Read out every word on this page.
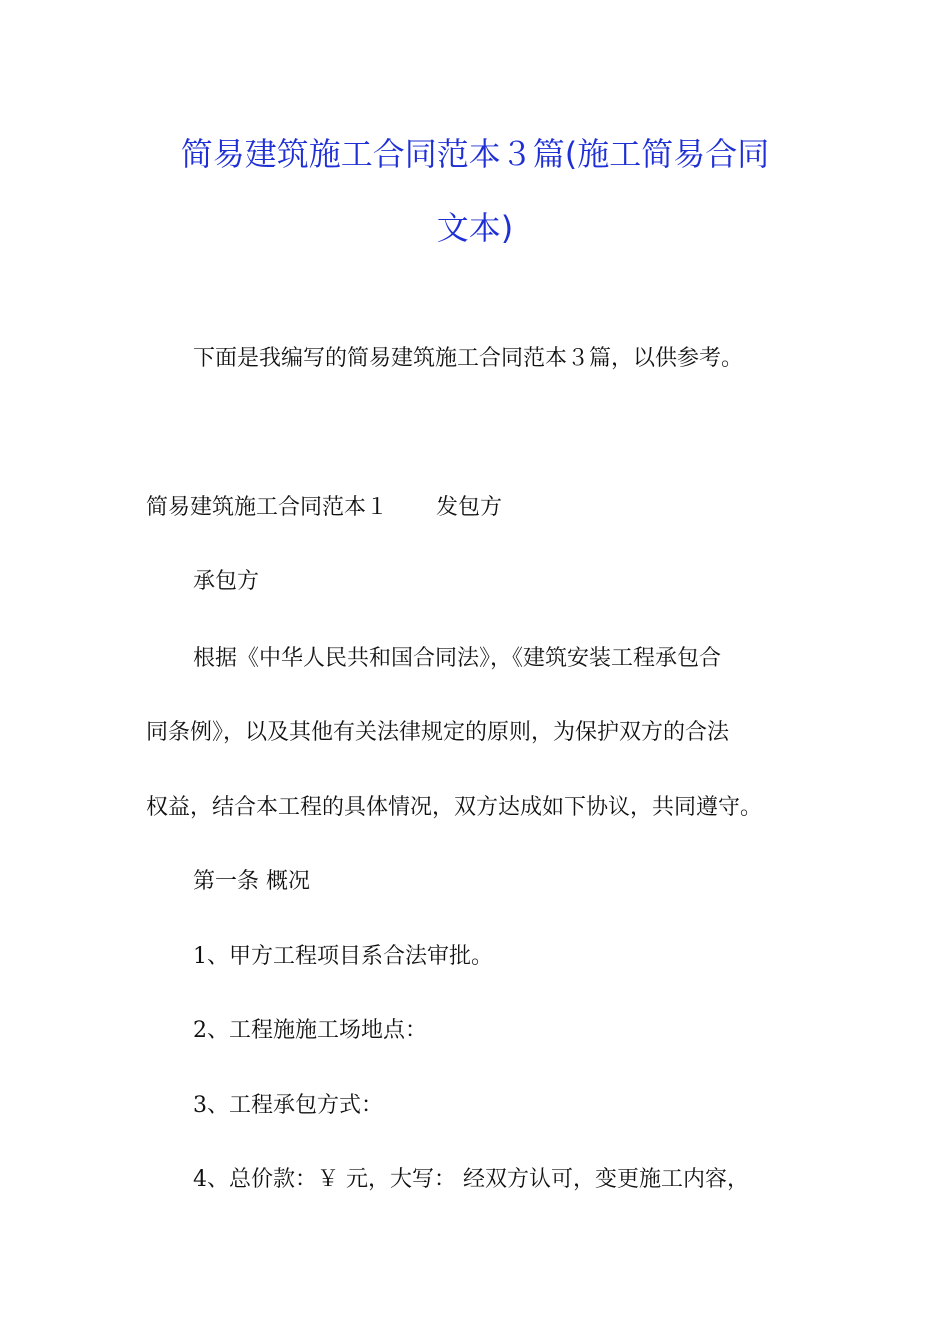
简易建筑施工合同范本３篇(施工简易合同
文本)
下面是我编写的简易建筑施工合同范本３篇，以供参考。
简易建筑施工合同范本１ 发包方
承包方
根据《中华人民共和国合同法》，《建筑安装工程承包合
同条例》，以及其他有关法律规定的原则，为保护双方的合法
权益，结合本工程的具体情况，双方达成如下协议，共同遵守。
第一条 概况
1、甲方工程项目系合法审批。
2、工程施施工场地点：
3、工程承包方式：
4、总价款：￥ 元，大写： 经双方认可，变更施工内容，
